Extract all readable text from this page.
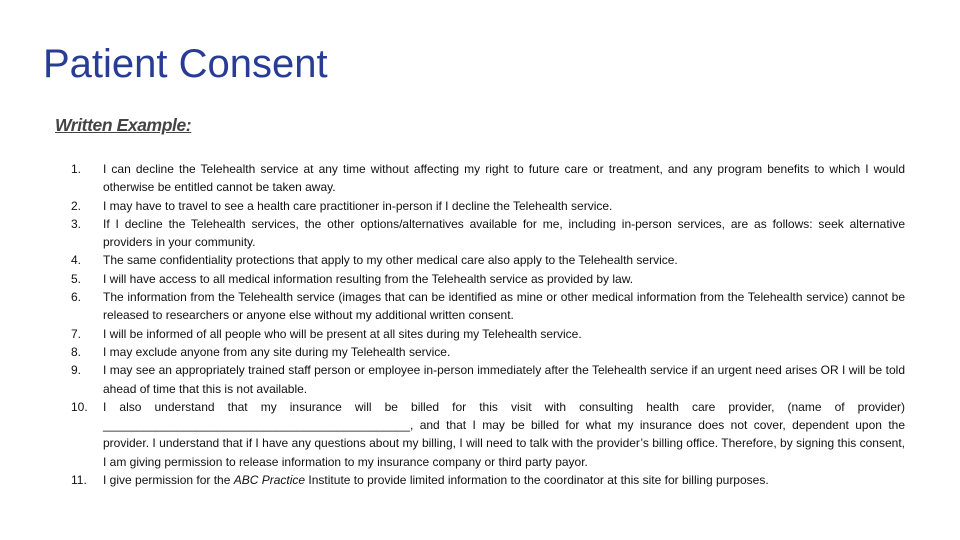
Patient Consent
Written Example:
1. I can decline the Telehealth service at any time without affecting my right to future care or treatment, and any program benefits to which I would otherwise be entitled cannot be taken away.
2. I may have to travel to see a health care practitioner in-person if I decline the Telehealth service.
3. If I decline the Telehealth services, the other options/alternatives available for me, including in-person services, are as follows: seek alternative providers in your community.
4. The same confidentiality protections that apply to my other medical care also apply to the Telehealth service.
5. I will have access to all medical information resulting from the Telehealth service as provided by law.
6. The information from the Telehealth service (images that can be identified as mine or other medical information from the Telehealth service) cannot be released to researchers or anyone else without my additional written consent.
7. I will be informed of all people who will be present at all sites during my Telehealth service.
8. I may exclude anyone from any site during my Telehealth service.
9. I may see an appropriately trained staff person or employee in-person immediately after the Telehealth service if an urgent need arises OR I will be told ahead of time that this is not available.
10. I also understand that my insurance will be billed for this visit with consulting health care provider, (name of provider) ______________________________________________, and that I may be billed for what my insurance does not cover, dependent upon the provider. I understand that if I have any questions about my billing, I will need to talk with the provider’s billing office. Therefore, by signing this consent, I am giving permission to release information to my insurance company or third party payor.
11. I give permission for the ABC Practice Institute to provide limited information to the coordinator at this site for billing purposes.
